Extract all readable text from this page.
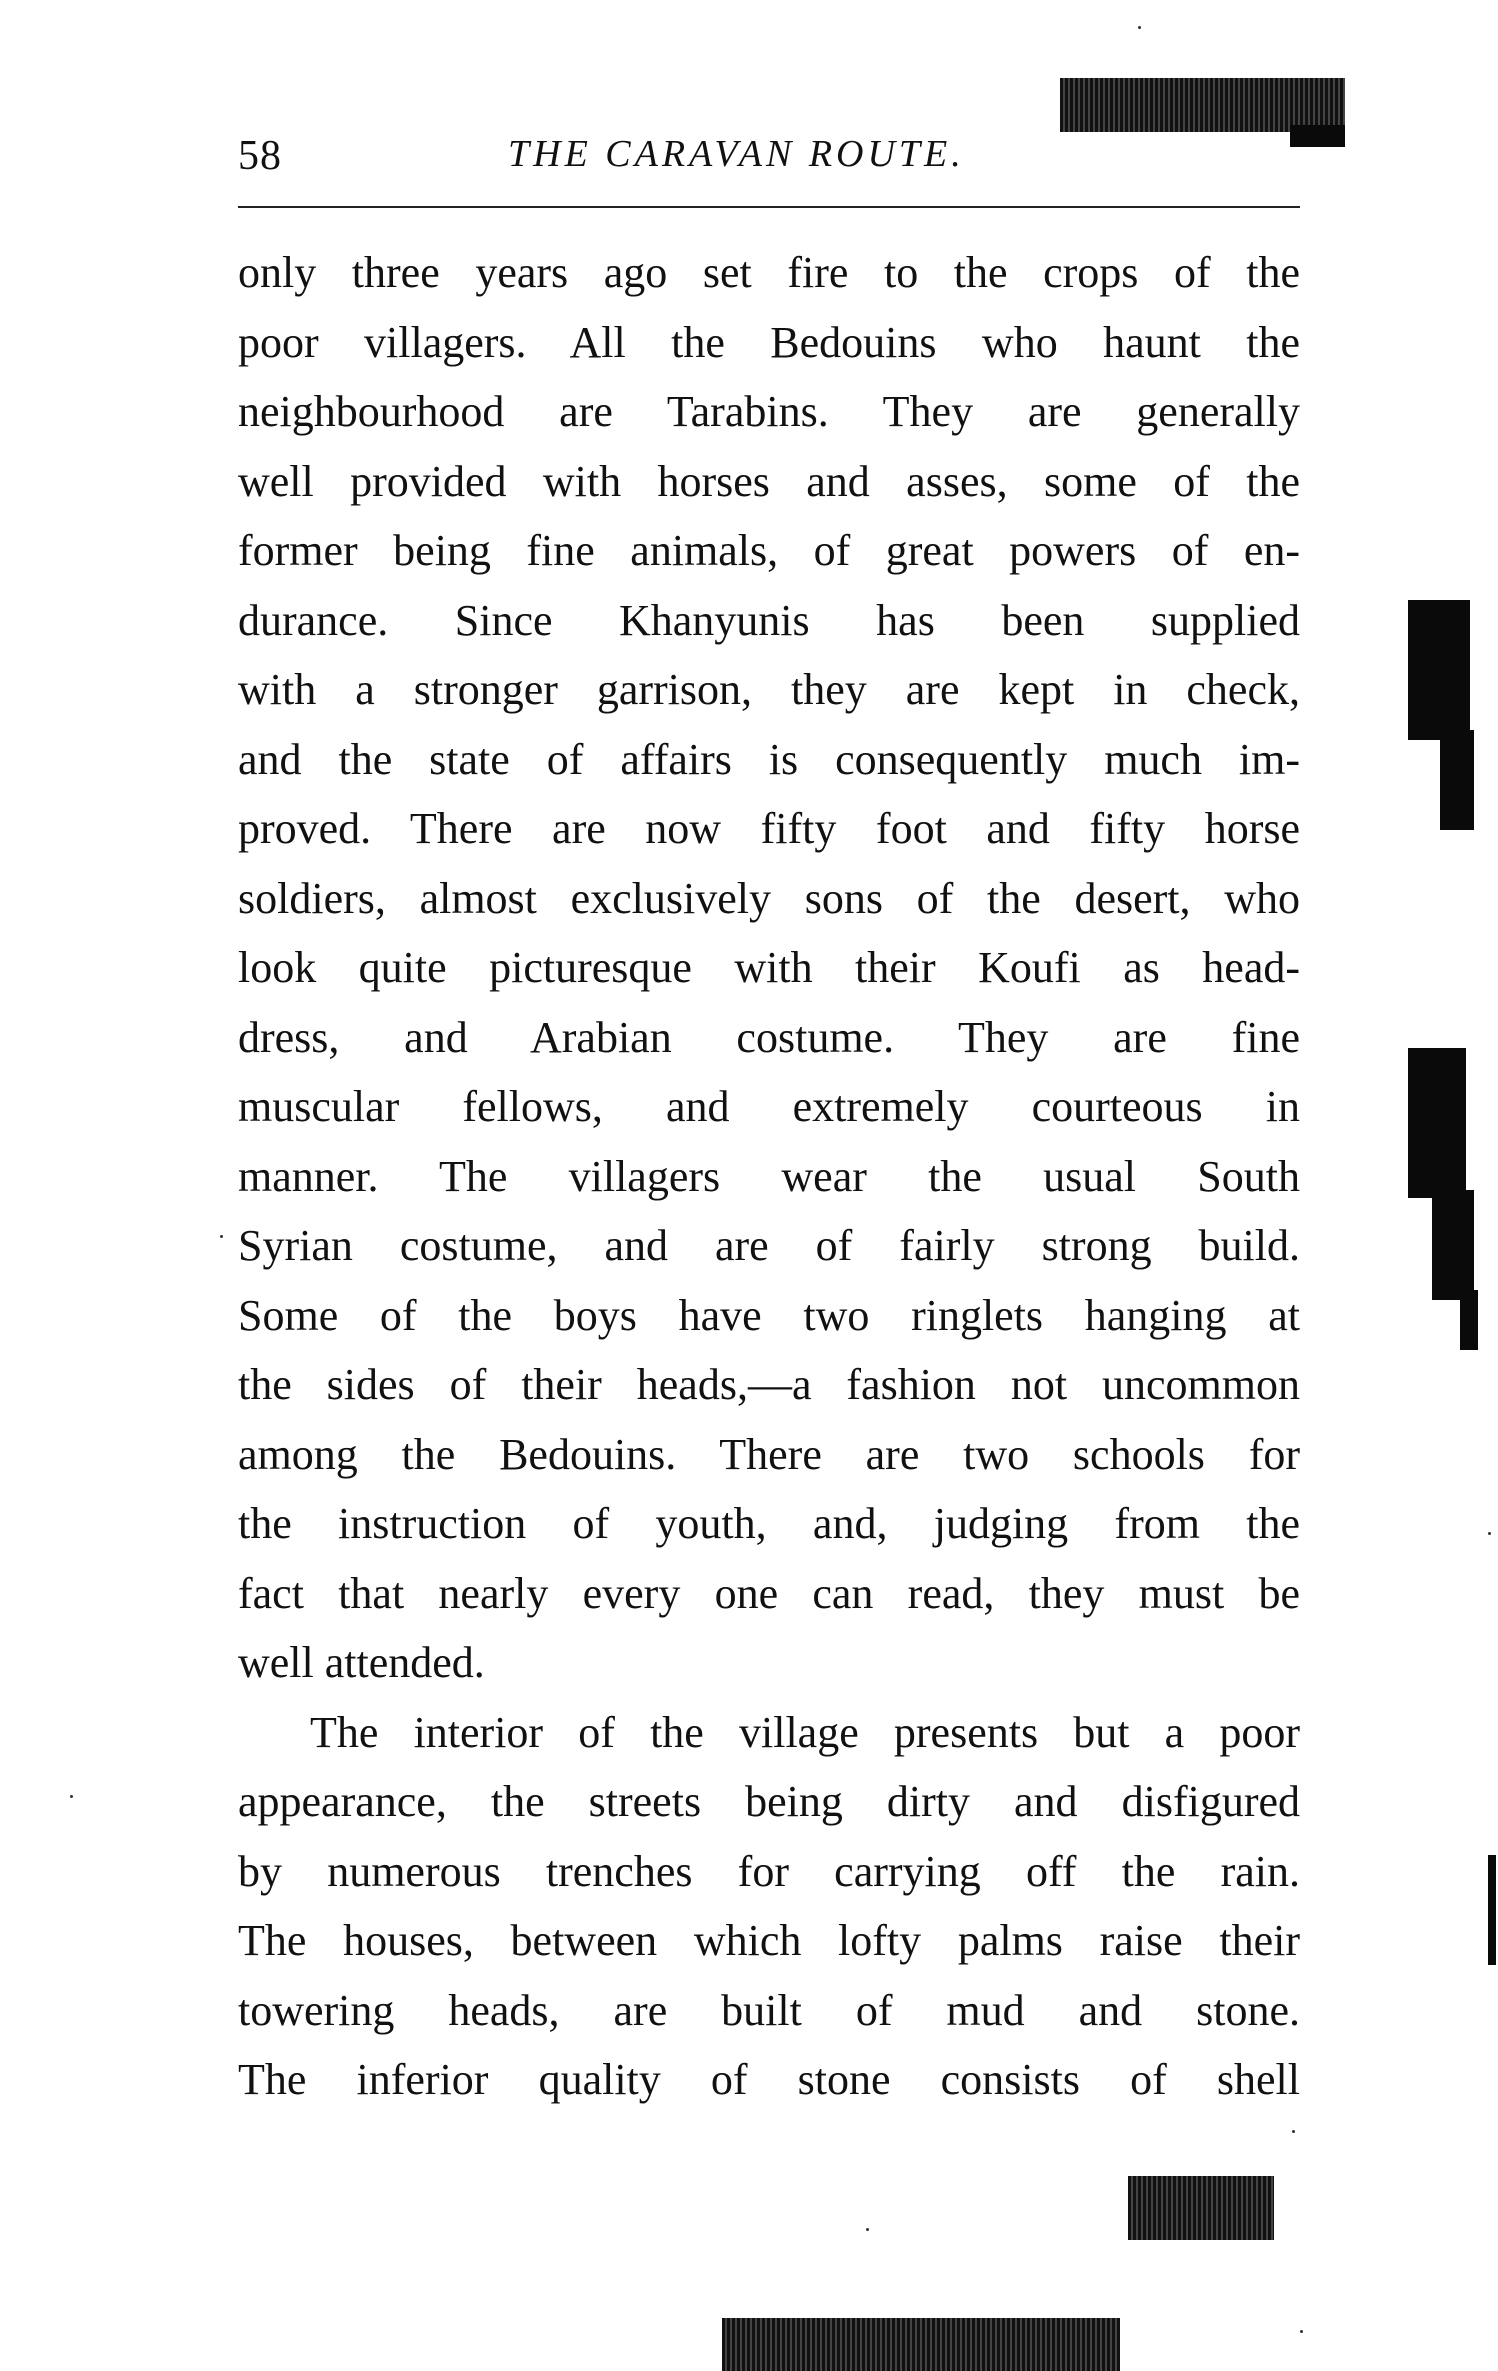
58	THE CARAVAN ROUTE.
only three years ago set fire to the crops of the
poor villagers. All the Bedouins who haunt the
neighbourhood are Tarabins. They are generally
well provided with horses and asses, some of the
former being fine animals, of great powers of en-
durance. Since Khanyunis has been supplied
with a stronger garrison, they are kept in check,
and the state of affairs is consequently much im-
proved. There are now fifty foot and fifty horse
soldiers, almost exclusively sons of the desert, who
look quite picturesque with their Koufi as head-
dress, and Arabian costume. They are fine
muscular fellows, and extremely courteous in
manner. The villagers wear the usual South
Syrian costume, and are of fairly strong build.
Some of the boys have two ringlets hanging at
the sides of their heads,—a fashion not uncommon
among the Bedouins. There are two schools for
the instruction of youth, and, judging from the
fact that nearly every one can read, they must be
well attended.
The interior of the village presents but a poor
appearance, the streets being dirty and disfigured
by numerous trenches for carrying off the rain.
The houses, between which lofty palms raise their
towering heads, are built of mud and stone.
The inferior quality of stone consists of shell
